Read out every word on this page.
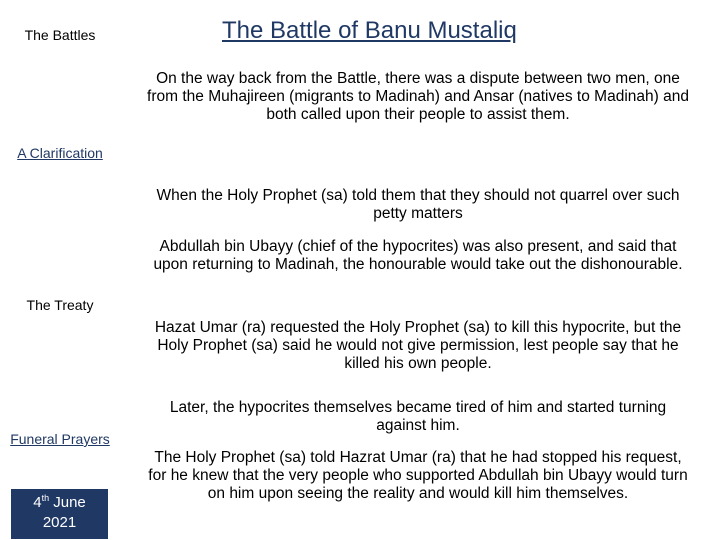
The Battles
A Clarification
The Treaty
Funeral Prayers
4th June
2021
The Battle of Banu Mustaliq
On the way back from the Battle, there was a dispute between two men, one from the Muhajireen (migrants to Madinah) and Ansar (natives to Madinah) and both called upon their people to assist them.
When the Holy Prophet (sa) told them that they should not quarrel over such petty matters
Abdullah bin Ubayy (chief of the hypocrites) was also present, and said that upon returning to Madinah, the honourable would take out the dishonourable.
Hazat Umar (ra) requested the Holy Prophet (sa) to kill this hypocrite, but the Holy Prophet (sa) said he would not give permission, lest people say that he killed his own people.
Later, the hypocrites themselves became tired of him and started turning against him.
The Holy Prophet (sa) told Hazrat Umar (ra) that he had stopped his request, for he knew that the very people who supported Abdullah bin Ubayy would turn on him upon seeing the reality and would kill him themselves.
